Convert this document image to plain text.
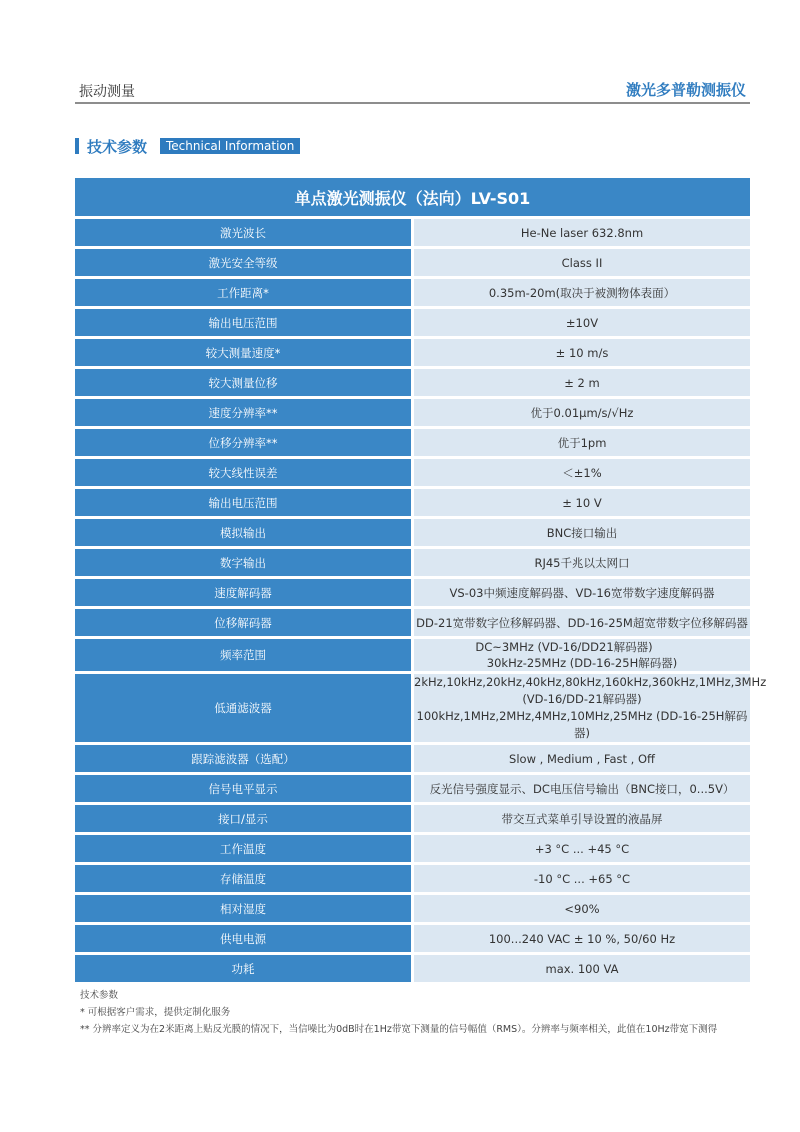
振动测量	激光多普勒测振仪
技术参数	Technical Information
单点激光测振仪（法向）LV-S01	
激光波长	He-Ne laser 632.8nm
激光安全等级	Class II
工作距离*	0.35m-20m(取决于被测物体表面）
输出电压范围	±10V
较大测量速度*	± 10 m/s
较大测量位移	± 2 m
速度分辨率**	优于0.01μm/s/√Hz
位移分辨率**	优于1pm
较大线性误差	＜±1%
输出电压范围	± 10 V
模拟输出	BNC接口输出
数字输出	RJ45千兆以太网口
速度解码器	VS-03中频速度解码器、VD-16宽带数字速度解码器
位移解码器	DD-21宽带数字位移解码器、DD-16-25M超宽带数字位移解码器
频率范围	DC~3MHz (VD-16/DD21解码器)30kHz-25MHz (DD-16-25H解码器)
低通滤波器	2kHz,10kHz,20kHz,40kHz,80kHz,160kHz,360kHz,1MHz,3MHz (VD-16/DD-21解码器)
100kHz,1MHz,2MHz,4MHz,10MHz,25MHz (DD-16-25H解码器)

跟踪滤波器（选配）	Slow , Medium , Fast , Off
信号电平显示	反光信号强度显示、DC电压信号输出（BNC接口，0...5V）
接口/显示	带交互式菜单引导设置的液晶屏
工作温度	+3 °C ... +45 °C
存储温度	-10 °C ... +65 °C
相对湿度	<90%
供电电源	100...240 VAC ± 10 %, 50/60 Hz
功耗	max. 100 VA
技术参数
* 可根据客户需求，提供定制化服务
** 分辨率定义为在2米距离上贴反光膜的情况下，当信噪比为0dB时在1Hz带宽下测量的信号幅值（RMS）。分辨率与频率相关，此值在10Hz带宽下测得
